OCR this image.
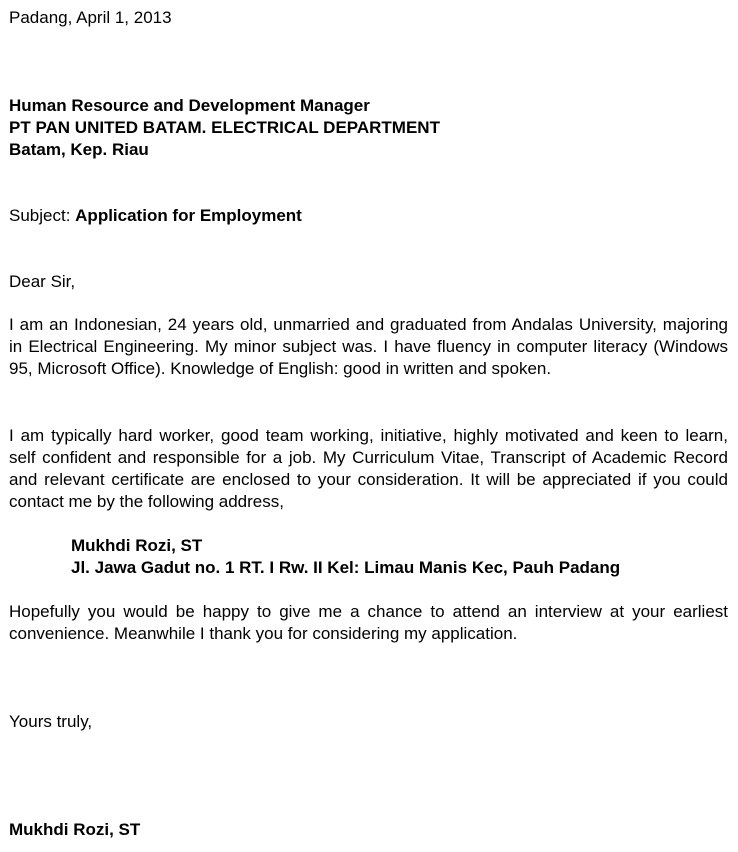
Padang, April 1, 2013
Human Resource and Development Manager
PT PAN UNITED BATAM. ELECTRICAL DEPARTMENT
Batam, Kep. Riau
Subject: Application for Employment
Dear Sir,
I am an Indonesian, 24 years old, unmarried and graduated from Andalas University, majoring in Electrical Engineering. My minor subject was. I have fluency in computer literacy (Windows 95, Microsoft Office). Knowledge of English: good in written and spoken.
I am typically hard worker, good team working, initiative, highly motivated and keen to learn, self confident and responsible for a job. My Curriculum Vitae, Transcript of Academic Record and relevant certificate are enclosed to your consideration. It will be appreciated if you could contact me by the following address,
Mukhdi Rozi, ST
Jl. Jawa Gadut no. 1 RT. I Rw. II Kel: Limau Manis Kec, Pauh Padang
Hopefully you would be happy to give me a chance to attend an interview at your earliest convenience. Meanwhile I thank you for considering my application.
Yours truly,
Mukhdi Rozi, ST
